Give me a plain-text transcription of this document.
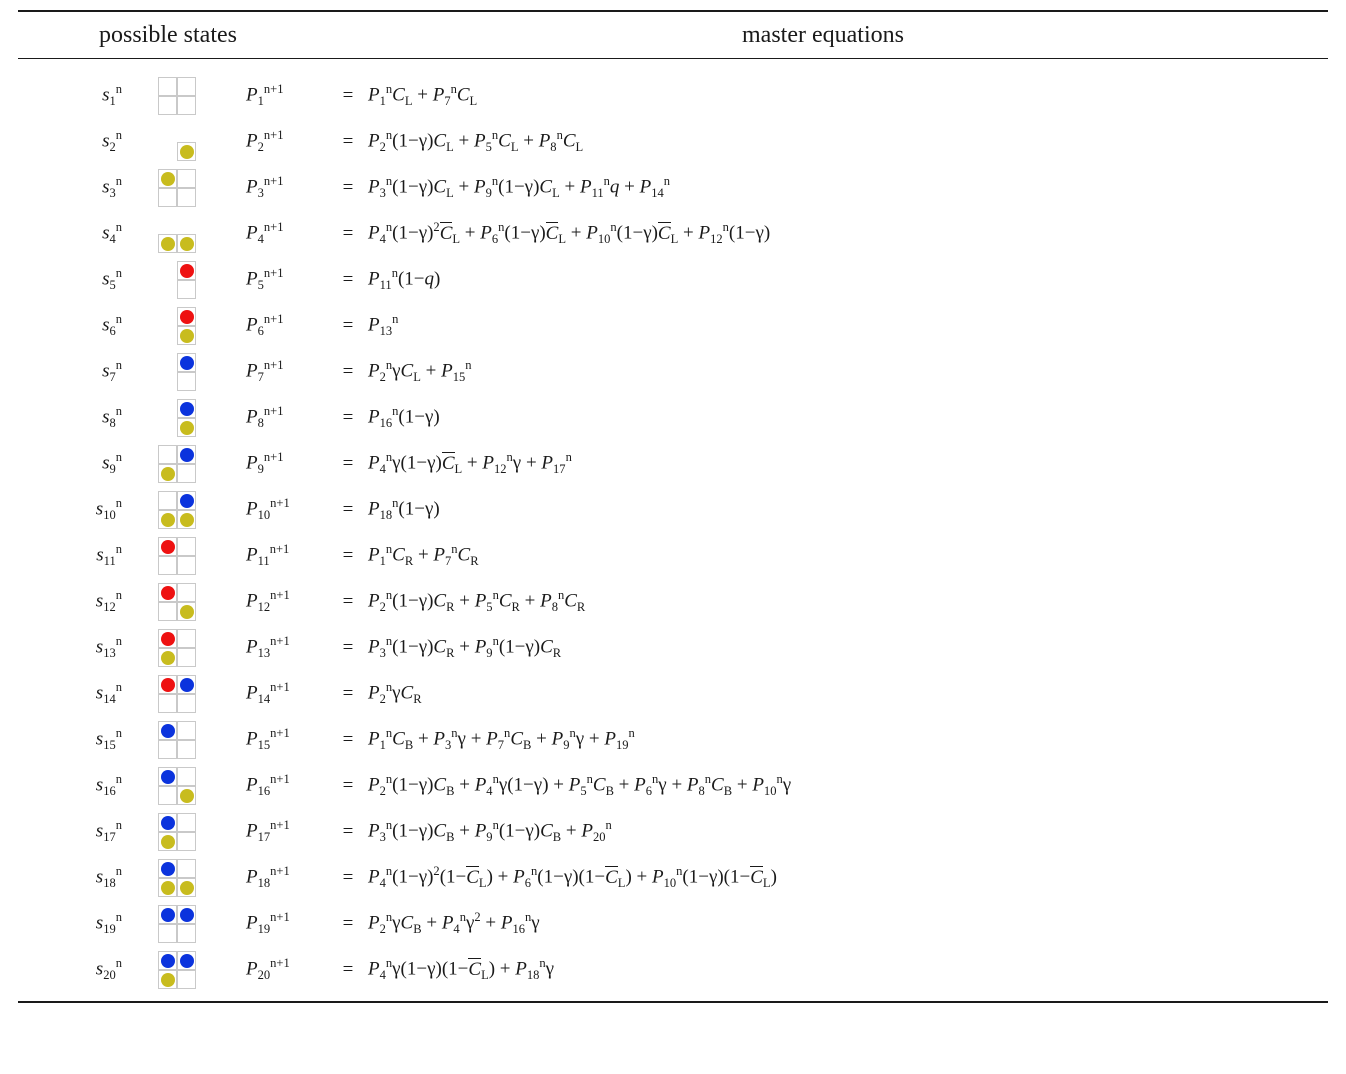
possible states	master equations
$s_1^n$	$P_1^{n+1}$	= $P_1^nC_L + P_7^nC_L$
$s_2^n$	$P_2^{n+1}$	= $P_2^n(1-\gamma)C_L + P_5^nC_L + P_8^nC_L$
$s_3^n$	$P_3^{n+1}$	= $P_3^n(1-\gamma)C_L + P_9^n(1-\gamma)C_L + P_{11}^nq + P_{14}^n$
$s_4^n$	$P_4^{n+1}$	= $P_4^n(1-\gamma)^2C_L + P_6^n(1-\gamma)C_L + P_{10}^n(1-\gamma)C_L + P_{12}^n(1-\gamma)$
$s_5^n$	$P_5^{n+1}$	= $P_{11}^n(1-q)$
$s_6^n$	$P_6^{n+1}$	= $P_{13}^n$
$s_7^n$	$P_7^{n+1}$	= $P_2^n\gamma C_L + P_{15}^n$
$s_8^n$	$P_8^{n+1}$	= $P_{16}^n(1-\gamma)$
$s_9^n$	$P_9^{n+1}$	= $P_4^n\gamma(1-\gamma)C_L + P_{12}^n\gamma + P_{17}^n$
$s_{10}^n$	$P_{10}^{n+1}$	= $P_{18}^n(1-\gamma)$
$s_{11}^n$	$P_{11}^{n+1}$	= $P_1^nC_R + P_7^nC_R$
$s_{12}^n$	$P_{12}^{n+1}$	= $P_2^n(1-\gamma)C_R + P_5^nC_R + P_8^nC_R$
$s_{13}^n$	$P_{13}^{n+1}$	= $P_3^n(1-\gamma)C_R + P_9^n(1-\gamma)C_R$
$s_{14}^n$	$P_{14}^{n+1}$	= $P_2^n\gamma C_R$
$s_{15}^n$	$P_{15}^{n+1}$	= $P_1^nC_B + P_3^n\gamma + P_7^nC_B + P_9^n\gamma + P_{19}^n$
$s_{16}^n$	$P_{16}^{n+1}$	= $P_2^n(1-\gamma)C_B + P_4^n\gamma(1-\gamma) + P_5^nC_B + P_6^n\gamma + P_8^nC_B + P_{10}^n\gamma$
$s_{17}^n$	$P_{17}^{n+1}$	= $P_3^n(1-\gamma)C_B + P_9^n(1-\gamma)C_B + P_{20}^n$
$s_{18}^n$	$P_{18}^{n+1}$	= $P_4^n(1-\gamma)^2(1-C_L) + P_6^n(1-\gamma)(1-C_L) + P_{10}^n(1-\gamma)(1-C_L)$
$s_{19}^n$	$P_{19}^{n+1}$	= $P_2^n\gamma C_B + P_4^n\gamma^2 + P_{16}^n\gamma$
$s_{20}^n$	$P_{20}^{n+1}$	= $P_4^n\gamma(1-\gamma)(1-C_L) + P_{18}^n\gamma$
